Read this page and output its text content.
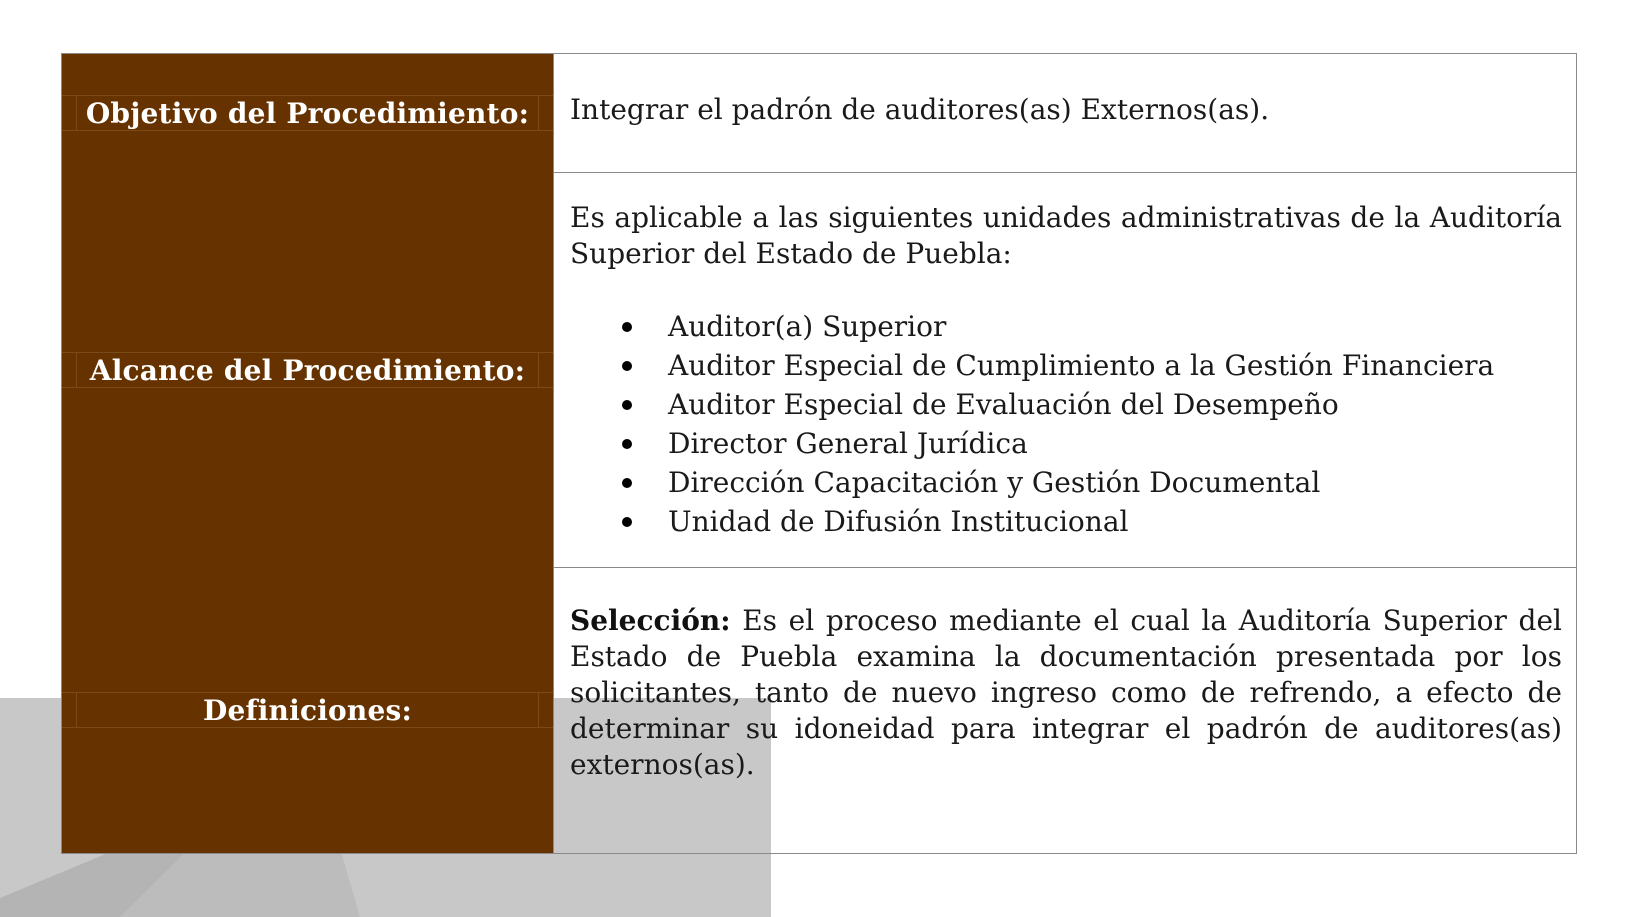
Objetivo del Procedimiento:	Integrar el padrón de auditores(as) Externos(as).
Alcance del Procedimiento:
Es aplicable a las siguientes unidades administrativas de la Auditoría Superior del Estado de Puebla:
Auditor(a) Superior
Auditor Especial de Cumplimiento a la Gestión Financiera
Auditor Especial de Evaluación del Desempeño
Director General Jurídica
Dirección Capacitación y Gestión Documental
Unidad de Difusión Institucional
Definiciones:
Selección: Es el proceso mediante el cual la Auditoría Superior del Estado de Puebla examina la documentación presentada por los solicitantes, tanto de nuevo ingreso como de refrendo, a efecto de determinar su idoneidad para integrar el padrón de auditores(as) externos(as).
